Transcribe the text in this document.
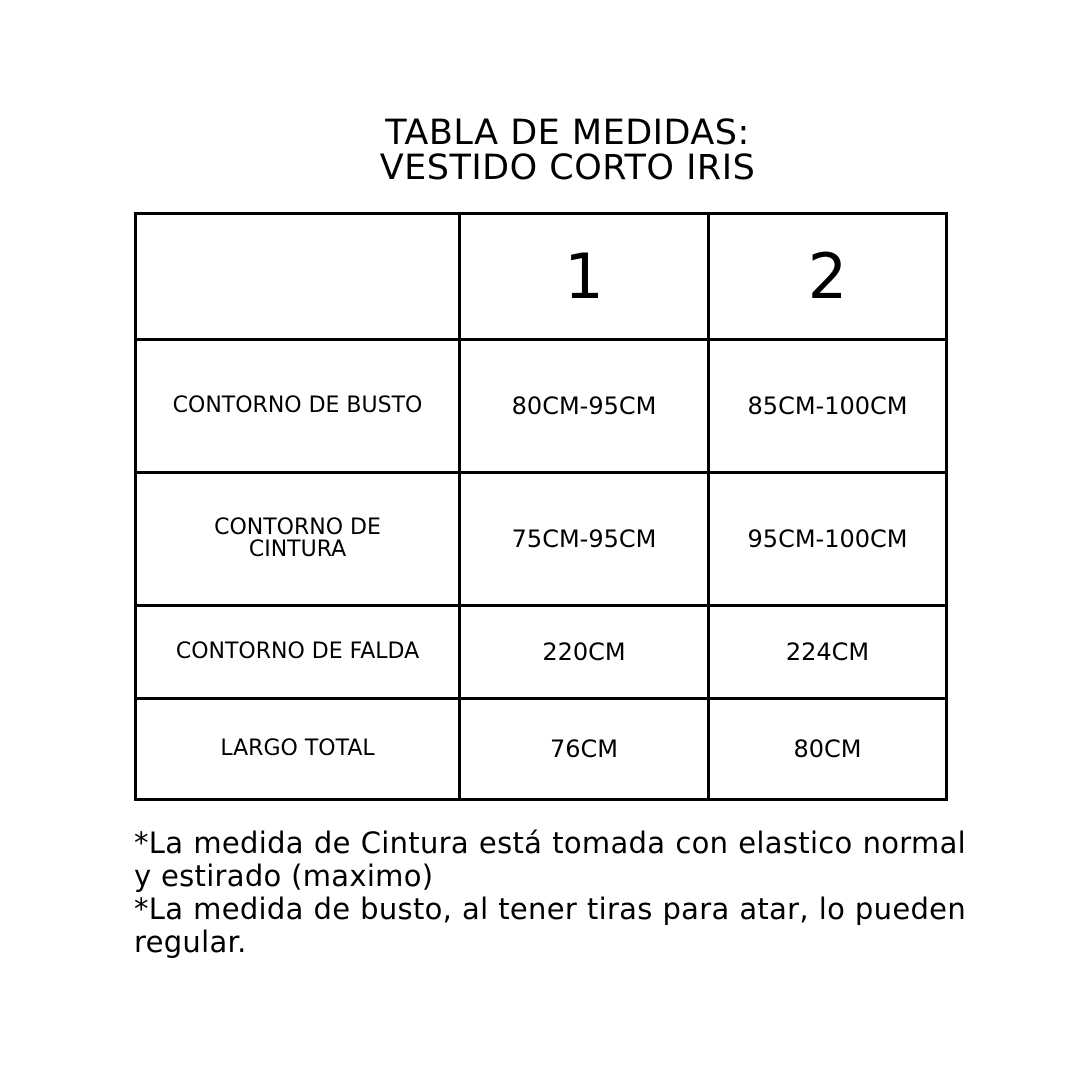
TABLA DE MEDIDAS:
VESTIDO CORTO IRIS
	1	2
CONTORNO DE BUSTO	80CM-95CM	85CM-100CM
CONTORNO DE CINTURA	75CM-95CM	95CM-100CM
CONTORNO DE FALDA	220CM	224CM
LARGO TOTAL	76CM	80CM

*La medida de Cintura está tomada con elastico normal y estirado (maximo)

*La medida de busto, al tener tiras para atar, lo pueden regular.
